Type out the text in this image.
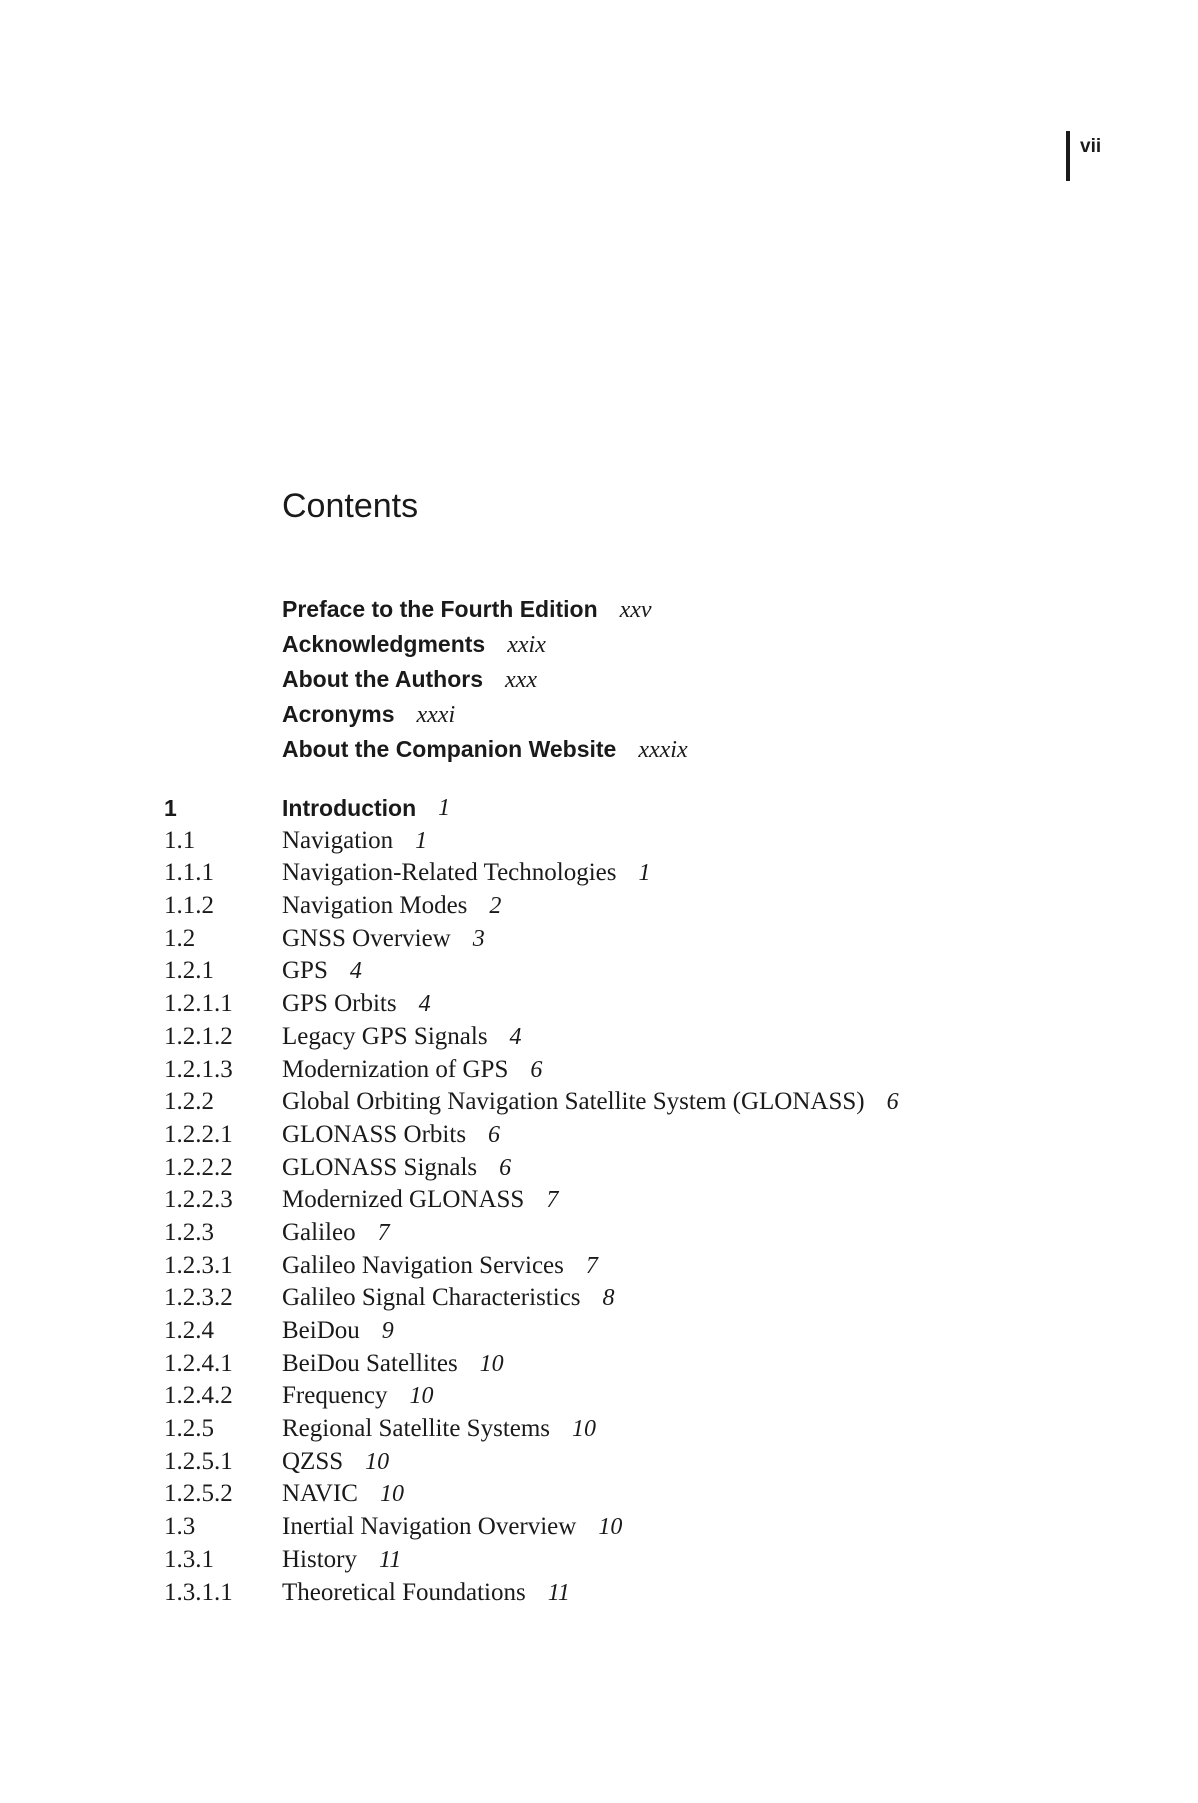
vii
Contents
Preface to the Fourth Edition xxv
Acknowledgments xxix
About the Authors xxx
Acronyms xxxi
About the Companion Website xxxix
1	Introduction 1
1.1	Navigation 1
1.1.1	Navigation-Related Technologies 1
1.1.2	Navigation Modes 2
1.2	GNSS Overview 3
1.2.1	GPS 4
1.2.1.1	GPS Orbits 4
1.2.1.2	Legacy GPS Signals 4
1.2.1.3	Modernization of GPS 6
1.2.2	Global Orbiting Navigation Satellite System (GLONASS) 6
1.2.2.1	GLONASS Orbits 6
1.2.2.2	GLONASS Signals 6
1.2.2.3	Modernized GLONASS 7
1.2.3	Galileo 7
1.2.3.1	Galileo Navigation Services 7
1.2.3.2	Galileo Signal Characteristics 8
1.2.4	BeiDou 9
1.2.4.1	BeiDou Satellites 10
1.2.4.2	Frequency 10
1.2.5	Regional Satellite Systems 10
1.2.5.1	QZSS 10
1.2.5.2	NAVIC 10
1.3	Inertial Navigation Overview 10
1.3.1	History 11
1.3.1.1	Theoretical Foundations 11
